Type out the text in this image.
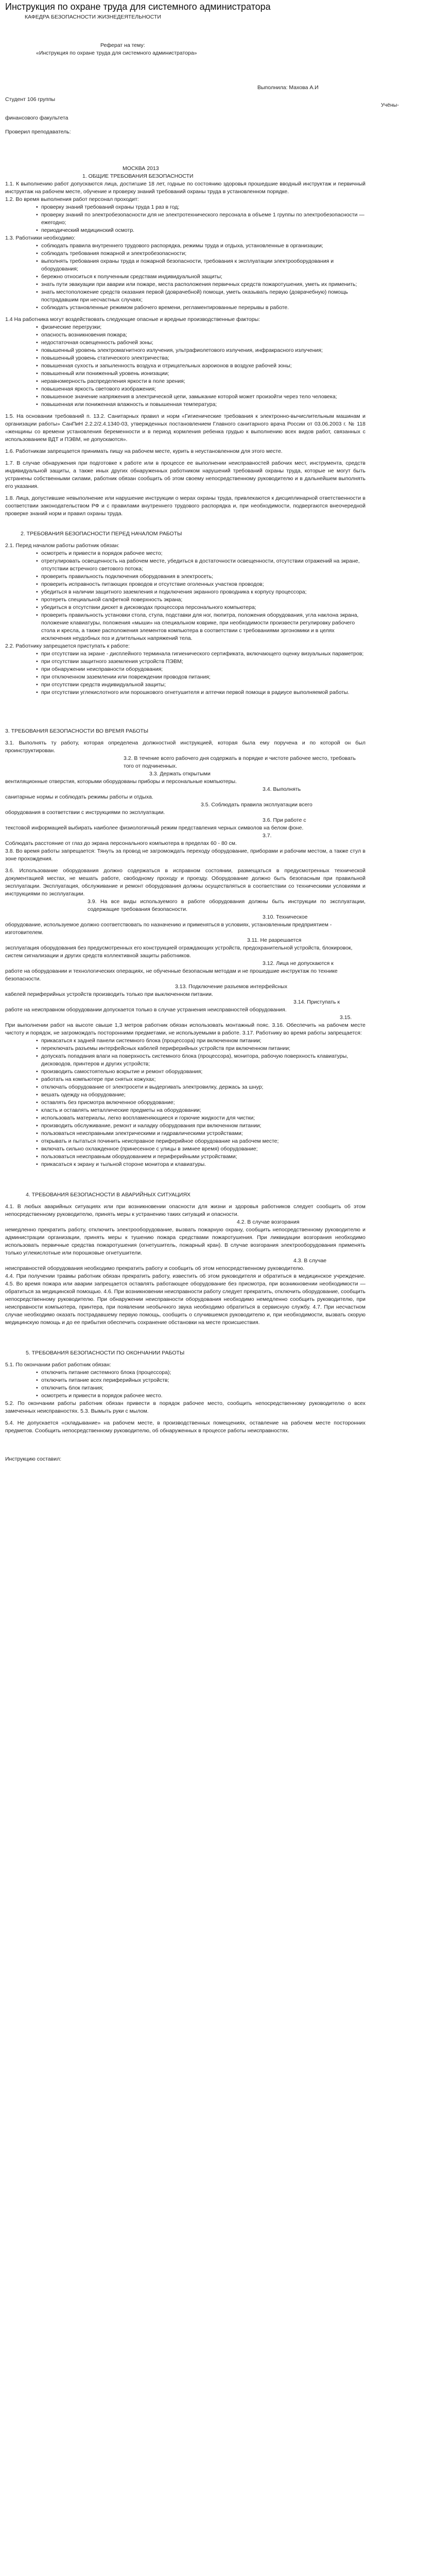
Инструкция по охране труда для системного администратора
КАФЕДРА БЕЗОПАСНОСТИ ЖИЗНЕДЕЯТЕЛЬНОСТИ
Реферат на тему:
«Инструкция по охране труда для системного администратора»
Выполнила: Махова А.И
Студент 106 группы
Учёны-
финансового факультета
Проверил преподаватель:
МОСКВА 2013
1. ОБЩИЕ ТРЕБОВАНИЯ БЕЗОПАСНОСТИ

1.1. К выполнению работ допускаются лица, достигшие 18 лет, годные по состоянию здоровья прошедшие вводный инструктаж и первичный инструктаж на рабочем месте, обучение и проверку знаний требований охраны труда в установленном порядке.

1.2. Во время выполнения работ персонал проходит:

• проверку знаний требований охраны труда 1 раз в год;
• проверку знаний по электробезопасности для не электротехнического персонала в объеме 1 группы по электробезопасности — ежегодно;
• периодический медицинский осмотр.

1.3. Работники необходимо:

• соблюдать правила внутреннего трудового распорядка, режимы труда и отдыха, установленные в организации;
• соблюдать требования пожарной и электробезопасности;
• выполнять требования охраны труда и пожарной безопасности, требования к эксплуатации электрооборудования и оборудования;
• бережно относиться к полученным средствам индивидуальной защиты;
• знать пути эвакуации при аварии или пожаре, места расположения первичных средств пожаротушения, уметь их применить;
• знать местоположение средств оказания первой (доврачебной) помощи, уметь оказывать первую (доврачебную) помощь пострадавшим при несчастных случаях;
• соблюдать установленные режимом рабочего времени, регламентированные перерывы в работе.

1.4 На работника могут воздействовать следующие опасные и вредные производственные факторы:

• физические перегрузки;
• опасность возникновения пожара;
• недостаточная освещенность рабочей зоны;
• повышенный уровень электромагнитного излучения, ультрафиолетового излучения, инфракрасного излучения;
• повышенный уровень статического электричества;
• повышенная сухость и запыленность воздуха и отрицательных аэроионов в воздухе рабочей зоны;
• повышенный или пониженный уровень ионизации;
• неравномерность распределения яркости в поле зрения;
• повышенная яркость светового изображения;
• повышенное значение напряжения в электрической цепи, замыкание которой может произойти через тело человека;
• повышенная или пониженная влажность и повышенная температура;

1.5. На основании требований п. 13.2. Санитарных правил и норм «Гигиенические требования к электронно-вычислительным машинам и организации работы» СанПиН 2.2.2/2.4.1340-03, утвержденных постановлением Главного санитарного врача России от 03.06.2003 г. № 118 «женщины со времени установления беременности и в период кормления ребенка грудью к выполнению всех видов работ, связанных с использованием ВДТ и ПЭВМ, не допускаются».

1.6. Работникам запрещается принимать пищу на рабочем месте, курить в неустановленном для этого месте.

1.7. В случае обнаружения при подготовке к работе или в процессе ее выполнении неисправностей рабочих мест, инструмента, средств индивидуальной защиты, а также иных других обнаруженных работником нарушений требований охраны труда, которые не могут быть устранены собственными силами, работник обязан сообщить об этом своему непосредственному руководителю и в дальнейшем выполнять его указания.

1.8. Лица, допустившие невыполнение или нарушение инструкции о мерах охраны труда, привлекаются к дисциплинарной ответственности в соответствии законодательством РФ и с правилами внутреннего трудового распорядка и, при необходимости, подвергаются внеочередной проверке знаний норм и правил охраны труда.

2. ТРЕБОВАНИЯ БЕЗОПАСНОСТИ ПЕРЕД НАЧАЛОМ РАБОТЫ

2.1. Перед началом работы работник обязан:

• осмотреть и привести в порядок рабочее место;
• отрегулировать освещенность на рабочем месте, убедиться в достаточности освещенности, отсутствии отражений на экране, отсутствии встречного светового потока;
• проверить правильность подключения оборудования в электросеть;
• проверить исправность питающих проводов и отсутствие оголенных участков проводов;
• убедиться в наличии защитного заземления и подключения экранного проводника к корпусу процессора;
• протереть специальной салфеткой поверхность экрана;
• убедиться в отсутствии дискет в дисководах процессора персонального компьютера;
• проверить правильность установки стола, стула, подставки для ног, пюпитра, положения оборудования, угла наклона экрана, положение клавиатуры, положения «мыши» на специальном коврике, при необходимости произвести регулировку рабочего стола и кресла, а также расположения элементов компьютера в соответствии с требованиями эргономики и в целях исключения неудобных поз и длительных напряжений тела.

2.2. Работнику запрещается приступать к работе:

• при отсутствии на экране - дисплейного терминала гигиенического сертификата, включающего оценку визуальных параметров;
• при отсутствии защитного заземления устройств ПЭВМ;
• при обнаружении неисправности оборудования;
• при отключенном заземлении или повреждении проводов питания;
• при отсутствии средств индивидуальной защиты;
• при отсутствии углекислотного или порошкового огнетушителя и аптечки первой помощи в радиусе выполняемой работы.

3. ТРЕБОВАНИЯ БЕЗОПАСНОСТИ ВО ВРЕМЯ РАБОТЫ

3.1. Выполнять ту работу, которая определена должностной инструкцией, которая была ему поручена и по которой он был проинструктирован.

3.2. В течение всего рабочего дня содержать в порядке и чистоте рабочее место, требовать того от подчиненных.

3.3. Держать открытыми

вентиляционные отверстия, которыми оборудованы приборы и персональные компьютеры.

3.4. Выполнять

санитарные нормы и соблюдать режимы работы и отдыха.

3.5. Соблюдать правила эксплуатации всего

оборудования в соответствии с инструкциями по эксплуатации.

3.6. При работе с

текстовой информацией выбирать наиболее физиологичный режим представления черных символов на белом фоне.

3.7.

Соблюдать расстояние от глаз до экрана персонального компьютера в пределах 60 - 80 см.

3.8. Во время работы запрещается: Тянуть за провод не загромождать переходу оборудование, приборами и рабочим местом, а также стул в зоне прохождения.

3.6. Использование оборудования должно содержаться в исправном состоянии, размещаться в предусмотренных технической документацией местах, не мешать работе, свободному проходу и проезду. Оборудование должно быть безопасным при правильной эксплуатации. Эксплуатация, обслуживание и ремонт оборудования должны осуществляться в соответствии со техническими условиями и инструкциями по эксплуатации.

3.9. На все виды используемого в работе оборудования должны быть инструкции по эксплуатации, содержащие требования безопасности.

3.10. Техническое

оборудование, используемое должно соответствовать по назначению и применяться в условиях, установленным предприятием - изготовителем.

3.11. Не разрешается

эксплуатация оборудования без предусмотренных его конструкцией ограждающих устройств, предохранительной устройств, блокировок, систем сигнализации и других средств коллективной защиты работников.

3.12. Лица не допускаются к

работе на оборудовании и технологических операциях, не обученные безопасным методам и не прошедшие инструктаж по технике безопасности.

3.13. Подключение разъемов интерфейсных

кабелей периферийных устройств производить только при выключенном питании.

3.14. Приступать к

работе на неисправном оборудовании допускается только в случае устранения неисправностей оборудования.

3.15.

При выполнении работ на высоте свыше 1,3 метров работник обязан использовать монтажный пояс. 3.16. Обеспечить на рабочем месте чистоту и порядок, не загромождать посторонними предметами, не используемыми в работе. 3.17. Работнику во время работы запрещается:

• прикасаться к задней панели системного блока (процессора) при включенном питании;
• переключать разъемы интерфейсных кабелей периферийных устройств при включенном питании;
• допускать попадания влаги на поверхность системного блока (процессора), монитора, рабочую поверхность клавиатуры, дисководов, принтеров и других устройств;
• производить самостоятельно вскрытие и ремонт оборудования;
• работать на компьютере при снятых кожухах;
• отключать оборудование от электросети и выдергивать электровилку, держась за шнур;
• вешать одежду на оборудование;
• оставлять без присмотра включенное оборудование;
• класть и оставлять металлические предметы на оборудовании;
• использовать материалы, легко воспламеняющиеся и горючие жидкости для чистки;
• производить обслуживание, ремонт и наладку оборудования при включенном питании;
• пользоваться неисправными электрическими и гидравлическими устройствами;
• открывать и пытаться починить неисправное периферийное оборудование на рабочем месте;
• включать сильно охлажденное (принесенное с улицы в зимнее время) оборудование;
• пользоваться неисправным оборудованием и периферийными устройствами;
• прикасаться к экрану и тыльной стороне монитора и клавиатуры.
4. ТРЕБОВАНИЯ БЕЗОПАСНОСТИ В АВАРИЙНЫХ СИТУАЦИЯХ

4.1. В любых аварийных ситуациях или при возникновении опасности для жизни и здоровья работников следует сообщить об этом непосредственному руководителю, принять меры к устранению таких ситуаций и опасности.

4.2. В случае возгорания

немедленно прекратить работу, отключить электрооборудование, вызвать пожарную охрану, сообщить непосредственному руководителю и администрации организации, принять меры к тушению пожара средствами пожаротушения. При ликвидации возгорания необходимо использовать первичные средства пожаротушения (огнетушитель, пожарный кран). В случае возгорания электрооборудования применять только углекислотные или порошковые огнетушители.

4.3. В случае

неисправностей оборудования необходимо прекратить работу и сообщить об этом непосредственному руководителю.

4.4. При получении травмы работник обязан прекратить работу, известить об этом руководителя и обратиться в медицинское учреждение. 4.5. Во время пожара или аварии запрещается оставлять работающее оборудование без присмотра, при возникновении необходимости — обратиться за медицинской помощью. 4.6. При возникновении неисправности работу следует прекратить, отключить оборудование, сообщить непосредственному руководителю. При обнаружении неисправности оборудования необходимо немедленно сообщить руководителю, при неисправности компьютера, принтера, при появлении необычного звука необходимо обратиться в сервисную службу. 4.7. При несчастном случае необходимо оказать пострадавшему первую помощь, сообщить о случившемся руководителю и, при необходимости, вызвать скорую медицинскую помощь и до ее прибытия обеспечить сохранение обстановки на месте происшествия.

5. ТРЕБОВАНИЯ БЕЗОПАСНОСТИ ПО ОКОНЧАНИИ РАБОТЫ

5.1. По окончании работ работник обязан:

• отключить питание системного блока (процессора);
• отключить питание всех периферийных устройств;
• отключить блок питания;
• осмотреть и привести в порядок рабочее место.

5.2. По окончании работы работник обязан привести в порядок рабочее место, сообщить непосредственному руководителю о всех замеченных неисправностях. 5.3. Вымыть руки с мылом.

5.4. Не допускается «складывание» на рабочем месте, в производственных помещениях, оставление на рабочем месте посторонних предметов. Сообщить непосредственному руководителю, об обнаруженных в процессе работы неисправностях.

Инструкцию составил:
